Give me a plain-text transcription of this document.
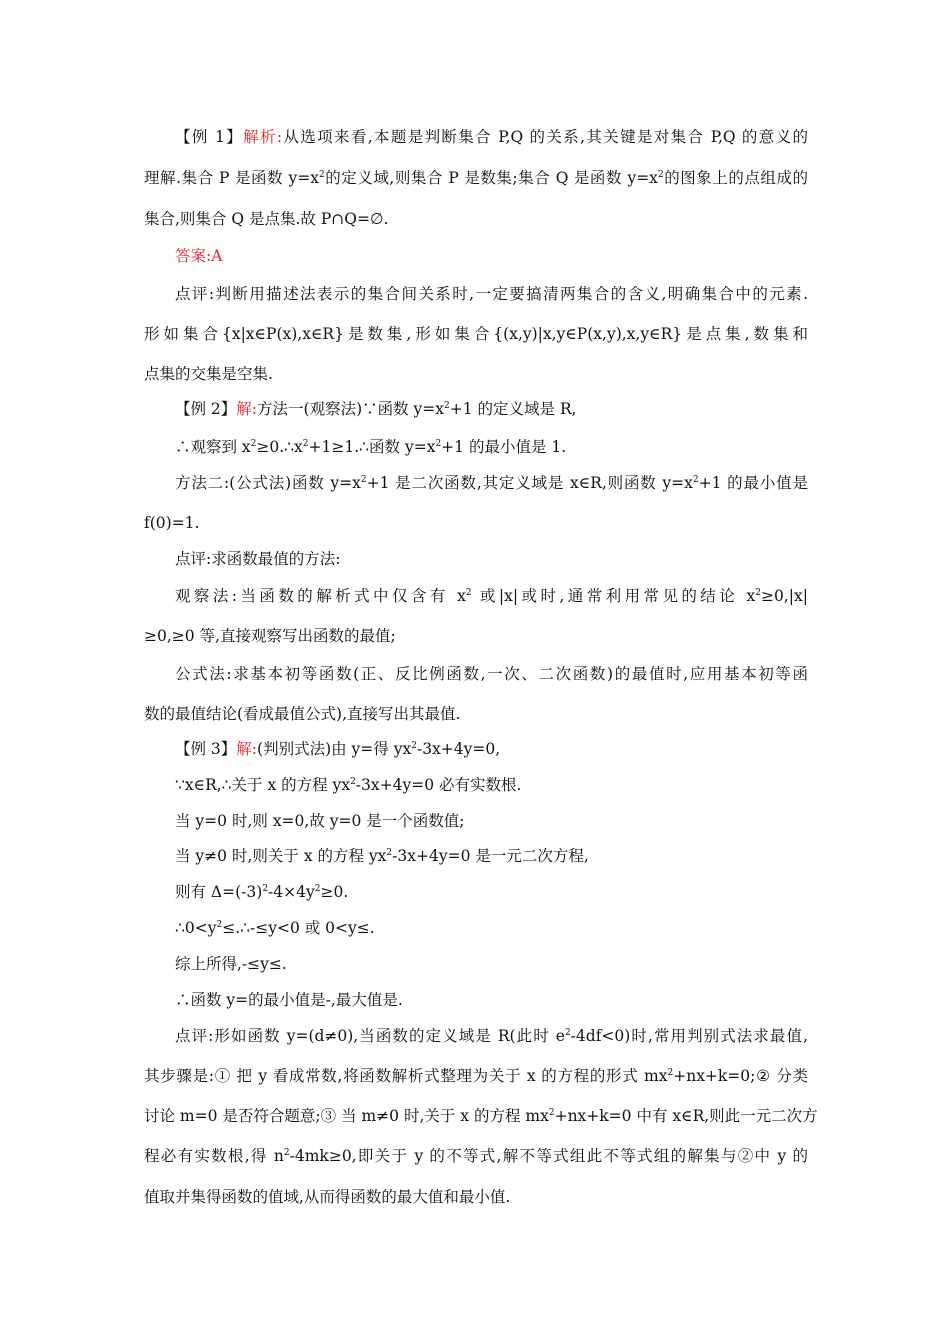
【例 1】解析:从选项来看,本题是判断集合 P,Q 的关系,其关键是对集合 P,Q 的意义的
理解.集合 P 是函数 $y=x^2$的定义域,则集合 P 是数集;集合 Q 是函数 $y=x^2$的图象上的点组成的
集合,则集合 Q 是点集.故 P∩Q=∅.
答案:A
点评:判断用描述法表示的集合间关系时,一定要搞清两集合的含义,明确集合中的元素.
形如集合{x|x∈P(x),x∈R}是数集,形如集合{(x,y)|x,y∈P(x,y),x,y∈R}是点集,数集和
点集的交集是空集.
【例 2】解:方法一(观察法)∵函数 $y=x^2+1$ 的定义域是 R,
∴观察到 $x^2\ge 0.\therefore x^2+1\ge 1.\therefore$函数 $y=x^2+1$ 的最小值是 1.
方法二:(公式法)函数 $y=x^2+1$ 是二次函数,其定义域是 x∈R,则函数 $y=x^2+1$ 的最小值是
f(0)=1.
点评:求函数最值的方法:
观察法:当函数的解析式中仅含有 $x^2$ 或|x|或时,通常利用常见的结论 $x^2\ge 0,|x|$
≥0,≥0 等,直接观察写出函数的最值;
公式法:求基本初等函数(正、反比例函数,一次、二次函数)的最值时,应用基本初等函
数的最值结论(看成最值公式),直接写出其最值.
【例 3】解:(判别式法)由 y=得 $yx^2-3x+4y=0$,
∵x∈R,∴关于 x 的方程 $yx^2-3x+4y=0$ 必有实数根.
当 y=0 时,则 x=0,故 y=0 是一个函数值;
当 y≠0 时,则关于 x 的方程 $yx^2-3x+4y=0$ 是一元二次方程,
则有 $\Delta=(-3)^2-4\times 4y^2\ge 0$.
$\therefore 0<y^2\le.\therefore-\le y<0$ 或 0<y≤.
综上所得,-≤y≤.
∴函数 y=的最小值是-,最大值是.
点评:形如函数 y=(d≠0),当函数的定义域是 R(此时 $e^2-4df<0$)时,常用判别式法求最值,
其步骤是:① 把 y 看成常数,将函数解析式整理为关于 x 的方程的形式 $mx^2+nx+k=0;②$ 分类
讨论 m=0 是否符合题意;③ 当 m≠0 时,关于 x 的方程 $mx^2+nx+k=0$ 中有 x∈R,则此一元二次方
程必有实数根,得 $n^2-4mk\ge 0$,即关于 y 的不等式,解不等式组此不等式组的解集与②中 y 的
值取并集得函数的值域,从而得函数的最大值和最小值.
